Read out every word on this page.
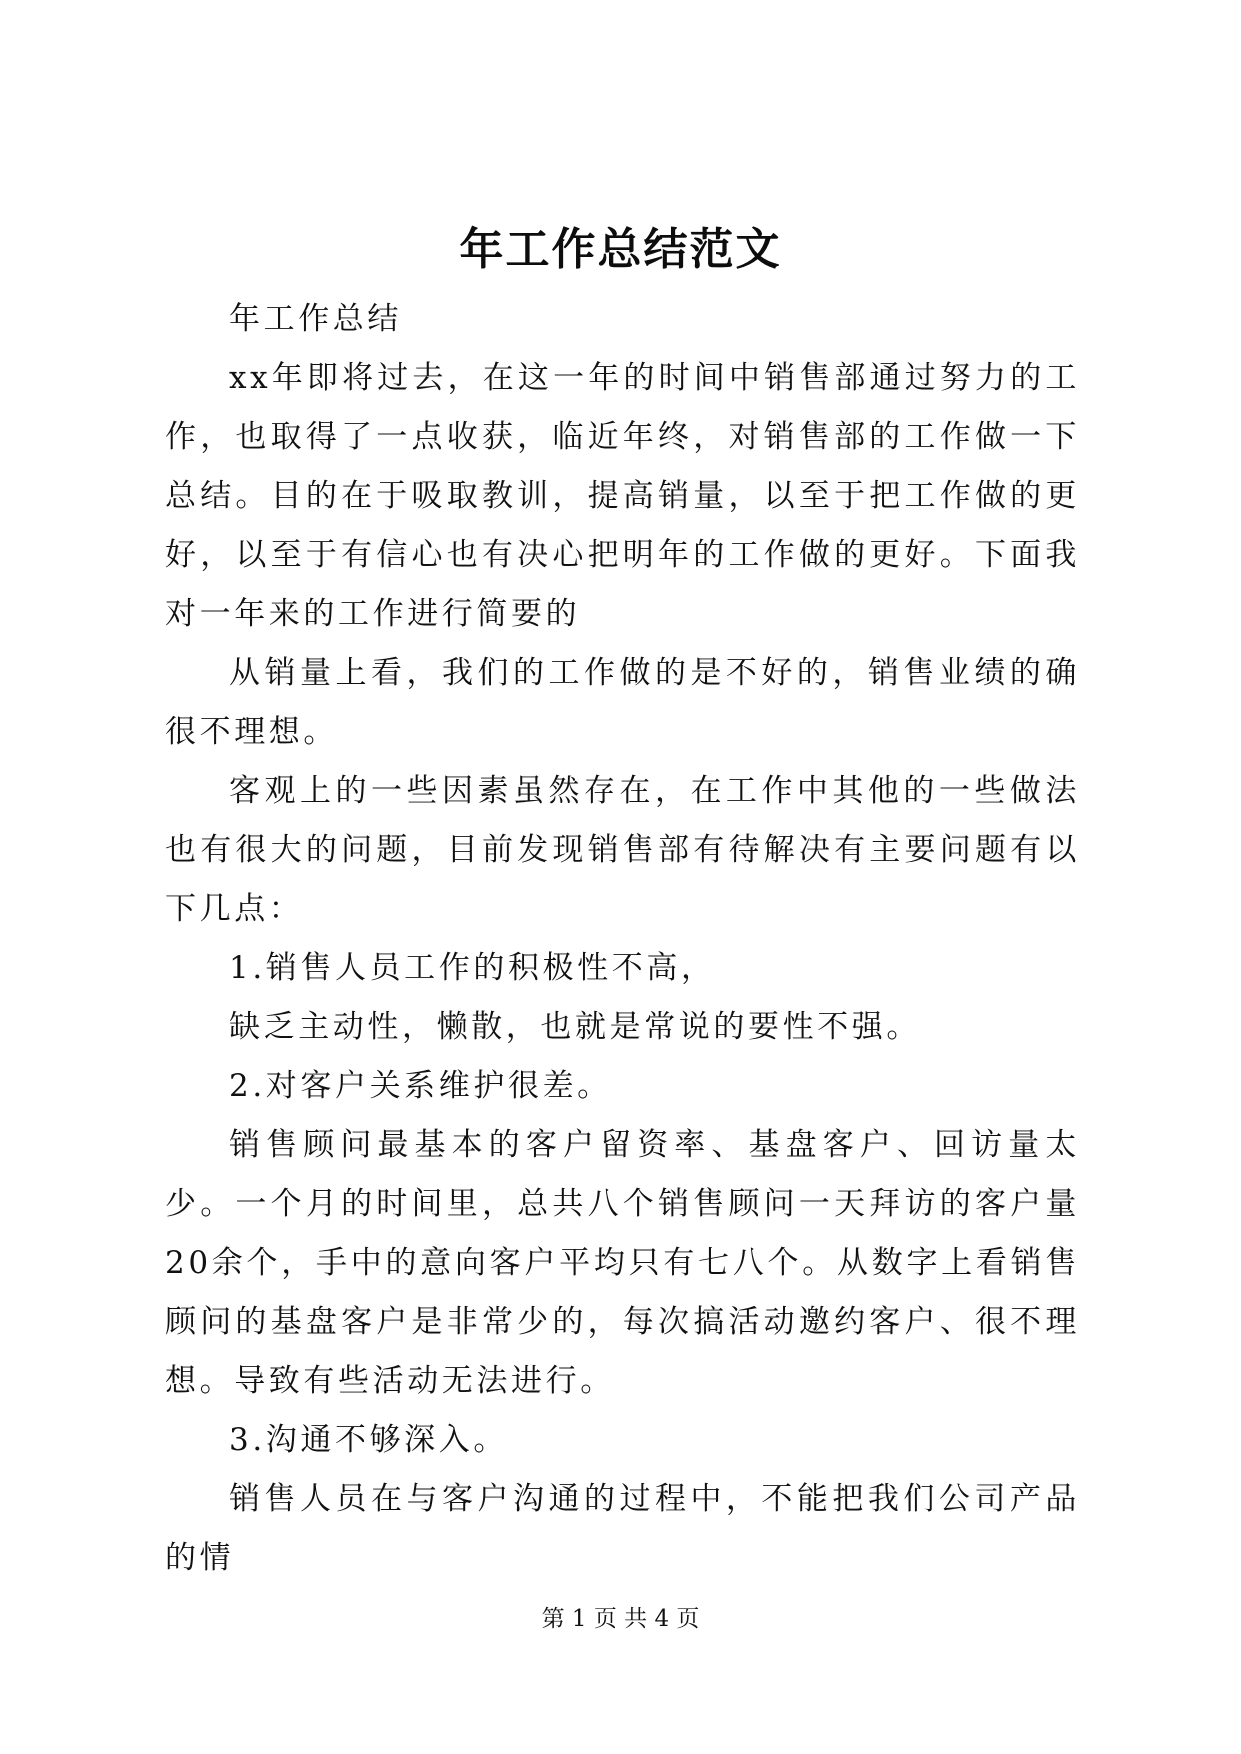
年工作总结范文

年工作总结

xx年即将过去，在这一年的时间中销售部通过努力的工作，也取得了一点收获，临近年终，对销售部的工作做一下总结。目的在于吸取教训，提高销量，以至于把工作做的更好，以至于有信心也有决心把明年的工作做的更好。下面我对一年来的工作进行简要的

从销量上看，我们的工作做的是不好的，销售业绩的确很不理想。

客观上的一些因素虽然存在，在工作中其他的一些做法也有很大的问题，目前发现销售部有待解决有主要问题有以下几点：

1.销售人员工作的积极性不高，

缺乏主动性，懒散，也就是常说的要性不强。

2.对客户关系维护很差。

销售顾问最基本的客户留资率、基盘客户、回访量太少。一个月的时间里，总共八个销售顾问一天拜访的客户量20余个，手中的意向客户平均只有七八个。从数字上看销售顾问的基盘客户是非常少的，每次搞活动邀约客户、很不理想。导致有些活动无法进行。

3.沟通不够深入。

销售人员在与客户沟通的过程中，不能把我们公司产品的情

第 1 页 共 4 页
